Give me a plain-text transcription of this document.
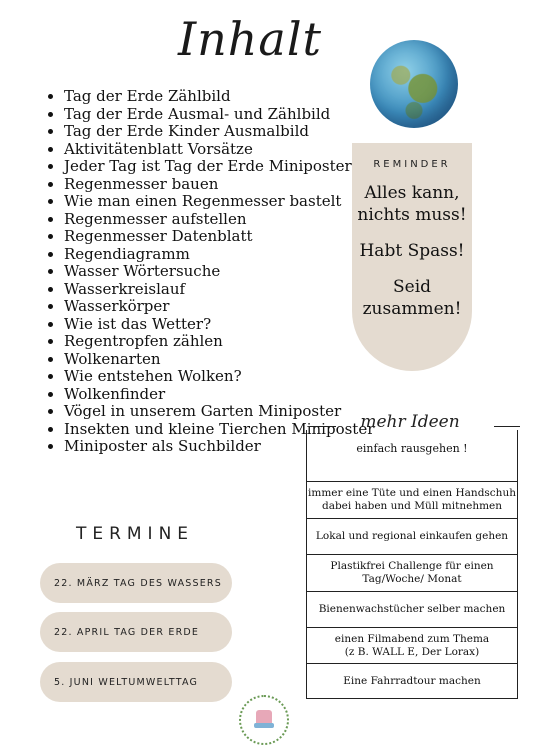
Inhalt
• Tag der Erde Zählbild
• Tag der Erde Ausmal- und Zählbild
• Tag der Erde Kinder Ausmalbild
• Aktivitätenblatt Vorsätze
• Jeder Tag ist Tag der Erde Miniposter
• Regenmesser bauen
• Wie man einen Regenmesser bastelt
• Regenmesser aufstellen
• Regenmesser Datenblatt
• Regendiagramm
• Wasser Wörtersuche
• Wasserkreislauf
• Wasserkörper
• Wie ist das Wetter?
• Regentropfen zählen
• Wolkenarten
• Wie entstehen Wolken?
• Wolkenfinder
• Vögel in unserem Garten Miniposter
• Insekten und kleine Tierchen Miniposter
• Miniposter als Suchbilder
REMINDER
Alles kann,
nichts muss!
Habt Spass!
Seid
zusammen!
mehr Ideen
einfach rausgehen !
immer eine Tüte und einen Handschuh
dabei haben und Müll mitnehmen
Lokal und regional einkaufen gehen
Plastikfrei Challenge für einen
Tag/Woche/ Monat
Bienenwachstücher selber machen
einen Filmabend zum Thema
(z B. WALL E, Der Lorax)
Eine Fahrradtour machen
TERMINE
22. MÄRZ TAG DES WASSERS
22. APRIL TAG DER ERDE
5. JUNI WELTUMWELTTAG
